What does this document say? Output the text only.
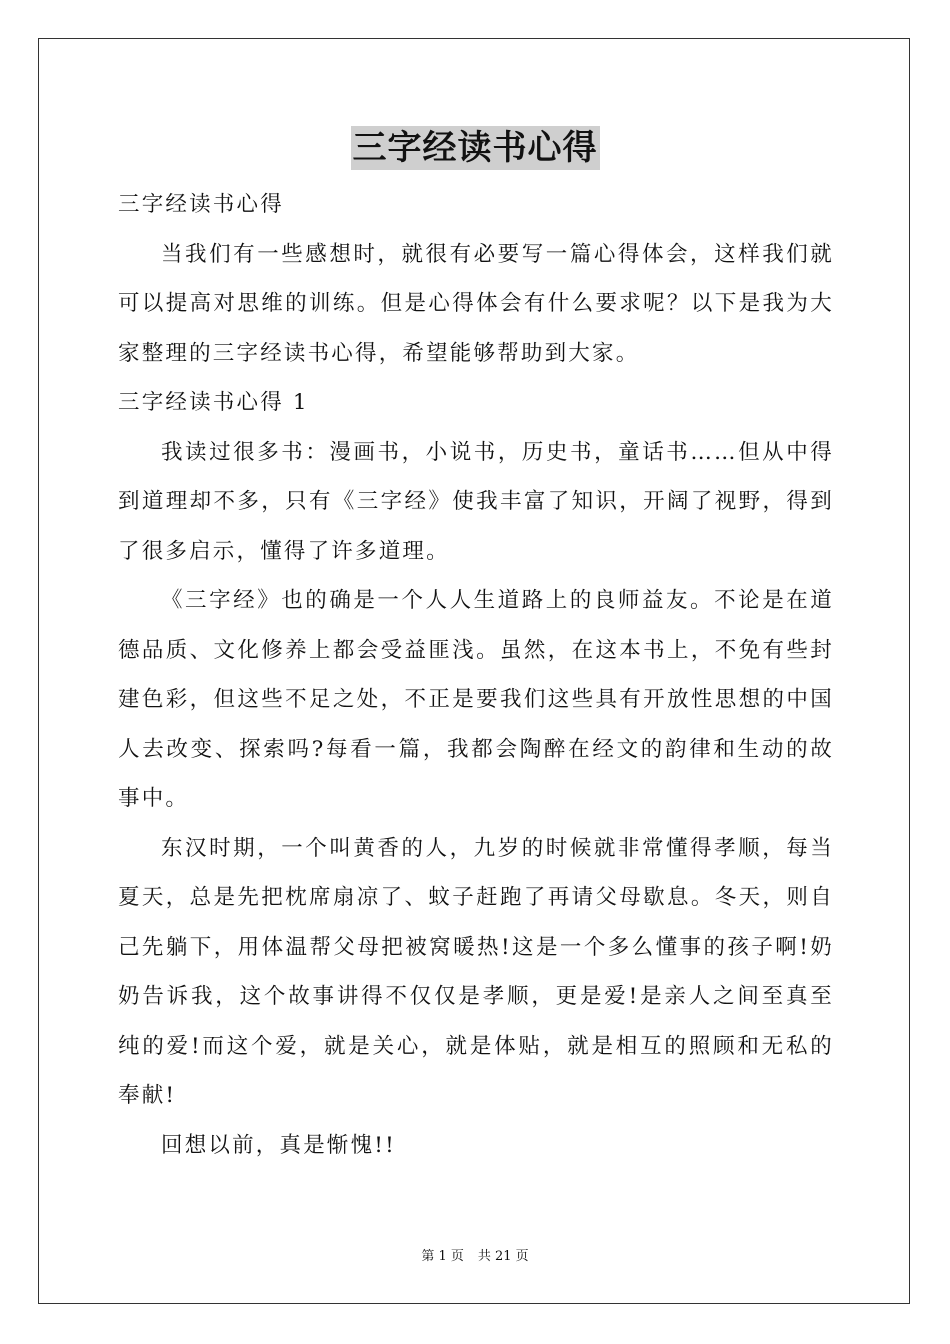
三字经读书心得

三字经读书心得

当我们有一些感想时，就很有必要写一篇心得体会，这样我们就可以提高对思维的训练。但是心得体会有什么要求呢？以下是我为大家整理的三字经读书心得，希望能够帮助到大家。

三字经读书心得 1

我读过很多书：漫画书，小说书，历史书，童话书……但从中得到道理却不多，只有《三字经》使我丰富了知识，开阔了视野，得到了很多启示，懂得了许多道理。

《三字经》也的确是一个人人生道路上的良师益友。不论是在道德品质、文化修养上都会受益匪浅。虽然，在这本书上，不免有些封建色彩，但这些不足之处，不正是要我们这些具有开放性思想的中国人去改变、探索吗?每看一篇，我都会陶醉在经文的韵律和生动的故事中。

东汉时期，一个叫黄香的人，九岁的时候就非常懂得孝顺，每当夏天，总是先把枕席扇凉了、蚊子赶跑了再请父母歇息。冬天，则自己先躺下，用体温帮父母把被窝暖热!这是一个多么懂事的孩子啊!奶奶告诉我，这个故事讲得不仅仅是孝顺，更是爱!是亲人之间至真至纯的爱!而这个爱，就是关心，就是体贴，就是相互的照顾和无私的奉献!

回想以前，真是惭愧!!

第 1 页 共 21 页
